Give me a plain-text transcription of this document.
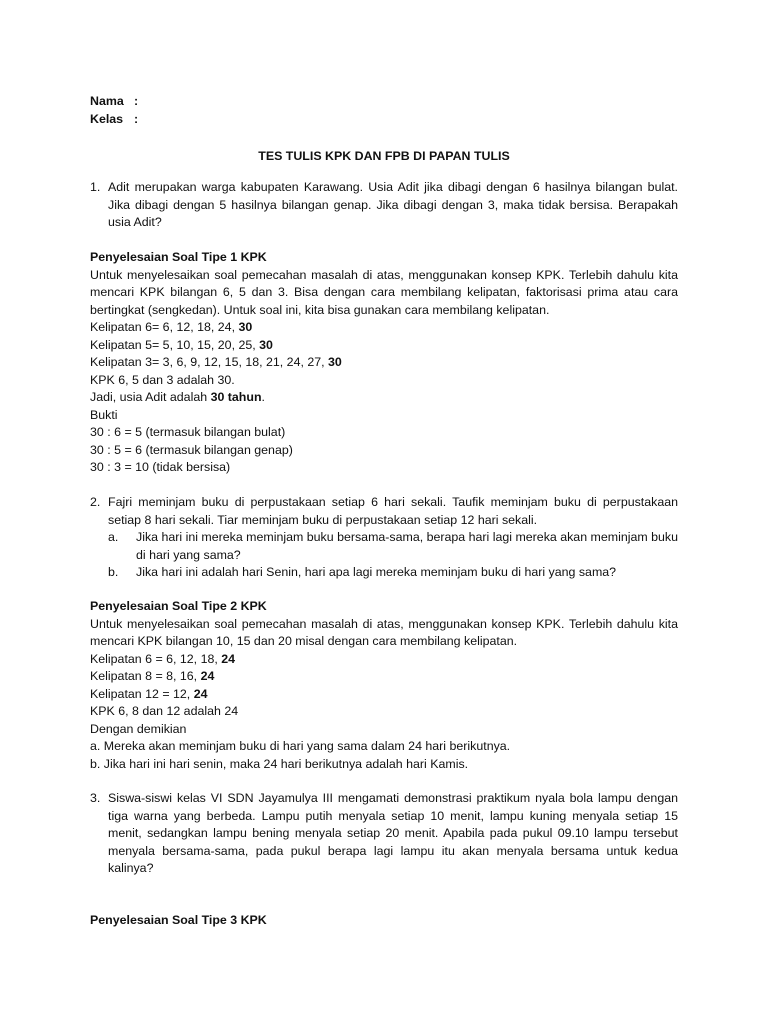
Nama :
Kelas :
TES TULIS KPK DAN FPB DI PAPAN TULIS
1. Adit merupakan warga kabupaten Karawang. Usia Adit jika dibagi dengan 6 hasilnya bilangan bulat. Jika dibagi dengan 5 hasilnya bilangan genap. Jika dibagi dengan 3, maka tidak bersisa. Berapakah usia Adit?
Penyelesaian Soal Tipe 1 KPK
Untuk menyelesaikan soal pemecahan masalah di atas, menggunakan konsep KPK. Terlebih dahulu kita mencari KPK bilangan 6, 5 dan 3. Bisa dengan cara membilang kelipatan, faktorisasi prima atau cara bertingkat (sengkedan). Untuk soal ini, kita bisa gunakan cara membilang kelipatan.
Kelipatan 6= 6, 12, 18, 24, 30
Kelipatan 5= 5, 10, 15, 20, 25, 30
Kelipatan 3= 3, 6, 9, 12, 15, 18, 21, 24, 27, 30
KPK 6, 5 dan 3 adalah 30.
Jadi, usia Adit adalah 30 tahun.
Bukti
30 : 6 = 5 (termasuk bilangan bulat)
30 : 5 = 6 (termasuk bilangan genap)
30 : 3 = 10 (tidak bersisa)
2. Fajri meminjam buku di perpustakaan setiap 6 hari sekali. Taufik meminjam buku di perpustakaan setiap 8 hari sekali. Tiar meminjam buku di perpustakaan setiap 12 hari sekali.
a. Jika hari ini mereka meminjam buku bersama-sama, berapa hari lagi mereka akan meminjam buku di hari yang sama?
b. Jika hari ini adalah hari Senin, hari apa lagi mereka meminjam buku di hari yang sama?
Penyelesaian Soal Tipe 2 KPK
Untuk menyelesaikan soal pemecahan masalah di atas, menggunakan konsep KPK. Terlebih dahulu kita mencari KPK bilangan 10, 15 dan 20 misal dengan cara membilang kelipatan.
Kelipatan 6 = 6, 12, 18, 24
Kelipatan 8 = 8, 16, 24
Kelipatan 12 = 12, 24
KPK 6, 8 dan 12 adalah 24
Dengan demikian
a. Mereka akan meminjam buku di hari yang sama dalam 24 hari berikutnya.
b. Jika hari ini hari senin, maka 24 hari berikutnya adalah hari Kamis.
3. Siswa-siswi kelas VI SDN Jayamulya III mengamati demonstrasi praktikum nyala bola lampu dengan tiga warna yang berbeda. Lampu putih menyala setiap 10 menit, lampu kuning menyala setiap 15 menit, sedangkan lampu bening menyala setiap 20 menit. Apabila pada pukul 09.10 lampu tersebut menyala bersama-sama, pada pukul berapa lagi lampu itu akan menyala bersama untuk kedua kalinya?
Penyelesaian Soal Tipe 3 KPK
